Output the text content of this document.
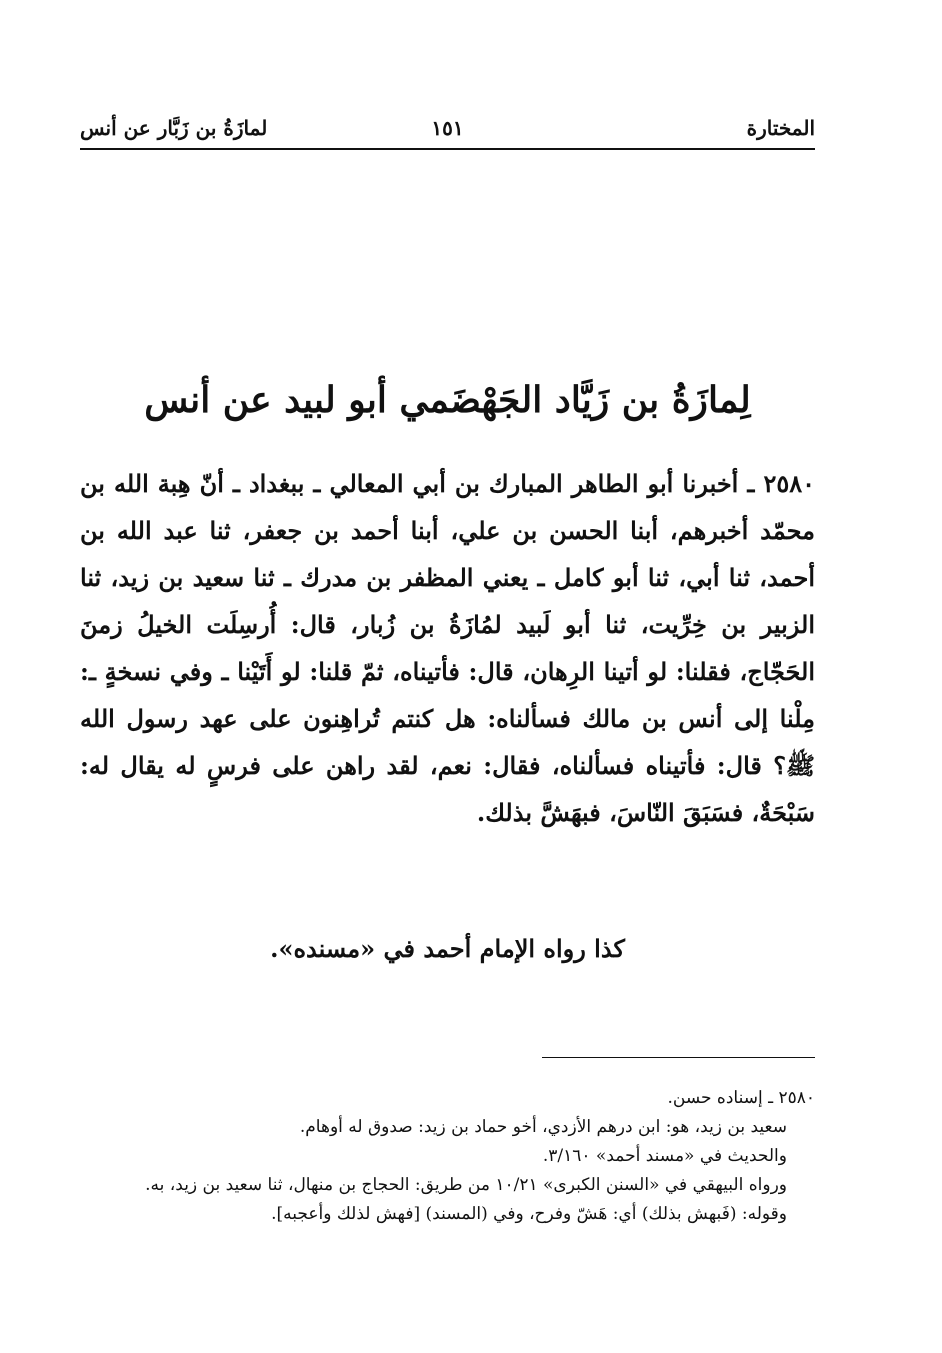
المختارة
١٥١
لمازَةُ بن زَبَّار عن أنس
لِمازَةُ بن زَيَّاد الجَهْضَمي أبو لبيد عن أنس

٢٥٨٠ ـ أخبرنا أبو الطاهر المبارك بن أبي المعالي ـ ببغداد ـ أنّ هِبة الله بن محمّد أخبرهم، أبنا الحسن بن علي، أبنا أحمد بن جعفر، ثنا عبد الله بن أحمد، ثنا أبي، ثنا أبو كامل ـ يعني المظفر بن مدرك ـ ثنا سعيد بن زيد، ثنا الزبير بن خِرِّيت، ثنا أبو لَبيد لمُازَةُ بن زُبار، قال: أُرسِلَت الخيلُ زمنَ الحَجّاج، فقلنا: لو أتينا الرِهان، قال: فأتيناه، ثمّ قلنا: لو أَتَيْنا ـ وفي نسخةٍ ـ: مِلْنا إلى أنس بن مالك فسألناه: هل كنتم تُراهِنون على عهد رسول الله ﷺ؟ قال: فأتيناه فسألناه، فقال: نعم، لقد راهن على فرسٍ له يقال له: سَبْحَةٌ، فسَبَقَ النّاسَ، فبهَشَّ بذلك.

كذا رواه الإمام أحمد في «مسنده».

٢٥٨٠ ـ إسناده حسن.

سعيد بن زيد، هو: ابن درهم الأزدي، أخو حماد بن زيد: صدوق له أوهام.

والحديث في «مسند أحمد» ٣/١٦٠.

ورواه البيهقي في «السنن الكبرى» ١٠/٢١ من طريق: الحجاج بن منهال، ثنا سعيد بن زيد، به.

وقوله: (فَبهش بذلك) أي: هَشّ وفرح، وفي (المسند) [فهش لذلك وأعجبه].
